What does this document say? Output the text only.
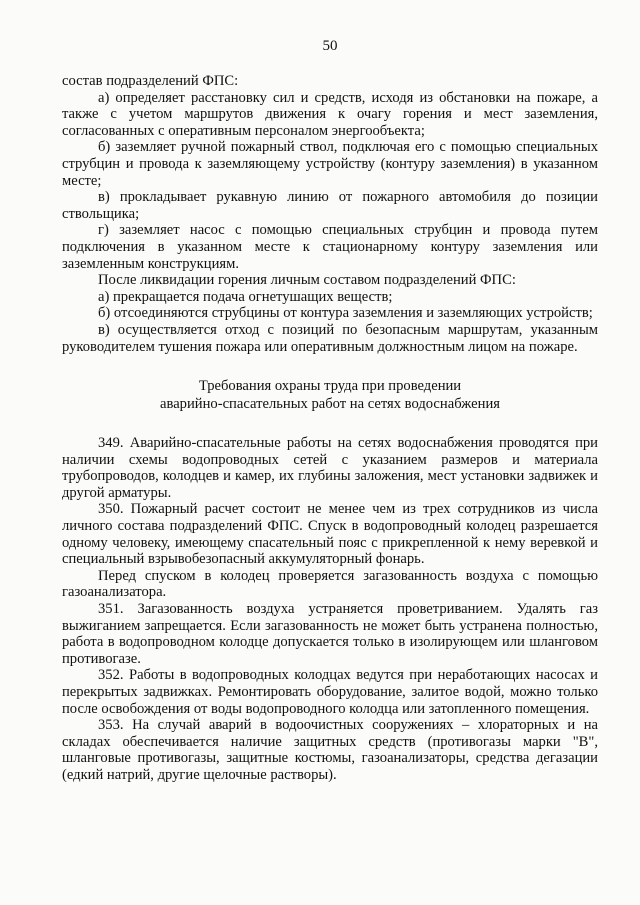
50

состав подразделений ФПС:

а) определяет расстановку сил и средств, исходя из обстановки на пожаре, а также с учетом маршрутов движения к очагу горения и мест заземления, согласованных с оперативным персоналом энергообъекта;

б) заземляет ручной пожарный ствол, подключая его с помощью специальных струбцин и провода к заземляющему устройству (контуру заземления) в указанном месте;

в) прокладывает рукавную линию от пожарного автомобиля до позиции ствольщика;

г) заземляет насос с помощью специальных струбцин и провода путем подключения в указанном месте к стационарному контуру заземления или заземленным конструкциям.

После ликвидации горения личным составом подразделений ФПС:

а) прекращается подача огнетушащих веществ;

б) отсоединяются струбцины от контура заземления и заземляющих устройств;

в) осуществляется отход с позиций по безопасным маршрутам, указанным руководителем тушения пожара или оперативным должностным лицом на пожаре.

Требования охраны труда при проведении
аварийно-спасательных работ на сетях водоснабжения

349. Аварийно-спасательные работы на сетях водоснабжения проводятся при наличии схемы водопроводных сетей с указанием размеров и материала трубопроводов, колодцев и камер, их глубины заложения, мест установки задвижек и другой арматуры.

350. Пожарный расчет состоит не менее чем из трех сотрудников из числа личного состава подразделений ФПС. Спуск в водопроводный колодец разрешается одному человеку, имеющему спасательный пояс с прикрепленной к нему веревкой и специальный взрывобезопасный аккумуляторный фонарь.

Перед спуском в колодец проверяется загазованность воздуха с помощью газоанализатора.

351. Загазованность воздуха устраняется проветриванием. Удалять газ выжиганием запрещается. Если загазованность не может быть устранена полностью, работа в водопроводном колодце допускается только в изолирующем или шланговом противогазе.

352. Работы в водопроводных колодцах ведутся при неработающих насосах и перекрытых задвижках. Ремонтировать оборудование, залитое водой, можно только после освобождения от воды водопроводного колодца или затопленного помещения.

353. На случай аварий в водоочистных сооружениях – хлораторных и на складах обеспечивается наличие защитных средств (противогазы марки "В", шланговые противогазы, защитные костюмы, газоанализаторы, средства дегазации (едкий натрий, другие щелочные растворы).
